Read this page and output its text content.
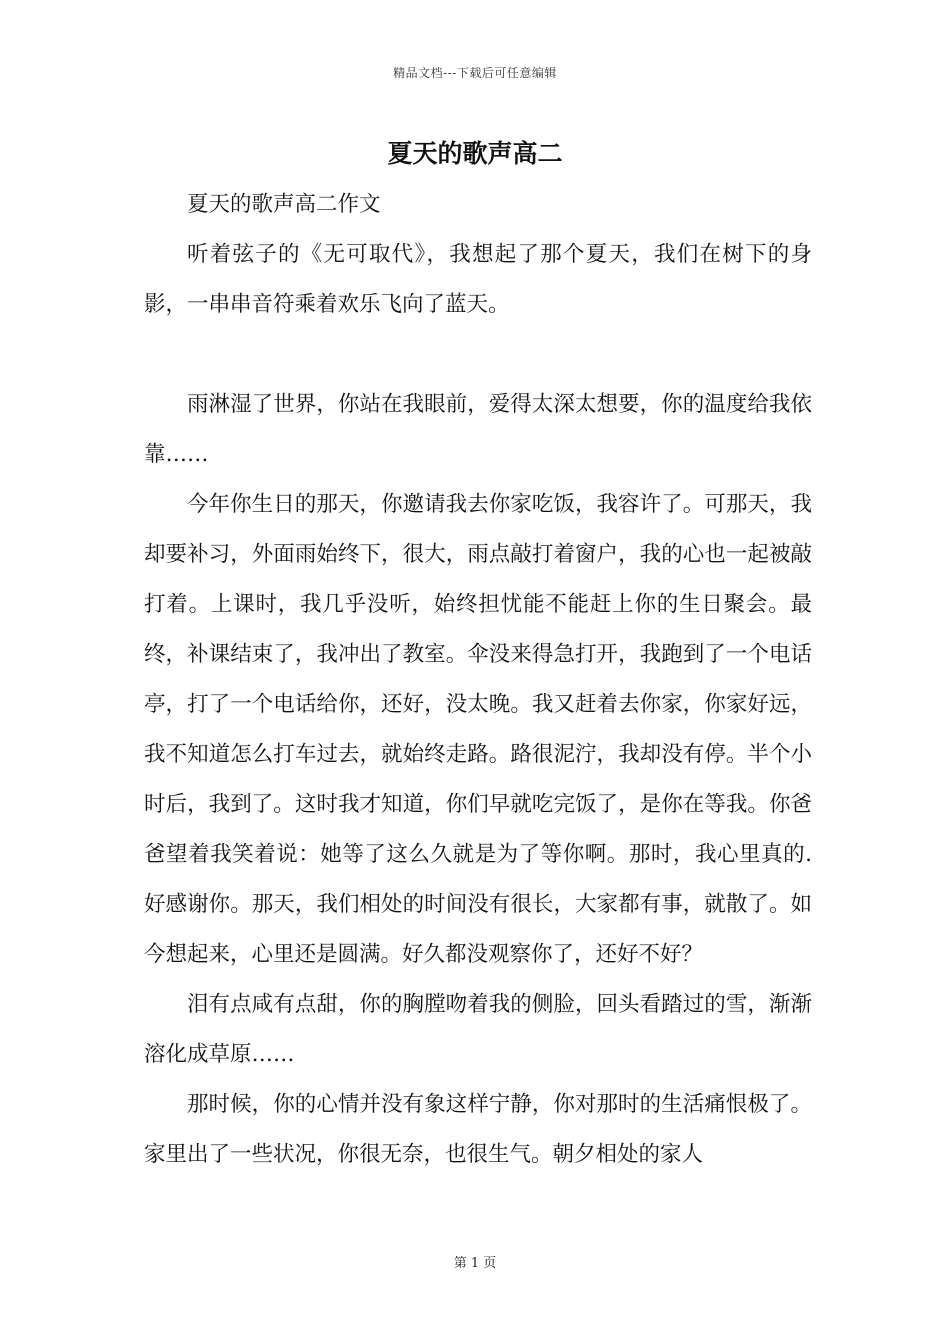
精品文档---下载后可任意编辑
夏天的歌声高二

夏天的歌声高二作文

听着弦子的《无可取代》，我想起了那个夏天，我们在树下的身影，一串串音符乘着欢乐飞向了蓝天。

雨淋湿了世界，你站在我眼前，爱得太深太想要，你的温度给我依靠……

今年你生日的那天，你邀请我去你家吃饭，我容许了。可那天，我却要补习，外面雨始终下，很大，雨点敲打着窗户，我的心也一起被敲打着。上课时，我几乎没听，始终担忧能不能赶上你的生日聚会。最终，补课结束了，我冲出了教室。伞没来得急打开，我跑到了一个电话亭，打了一个电话给你，还好，没太晚。我又赶着去你家，你家好远，我不知道怎么打车过去，就始终走路。路很泥泞，我却没有停。半个小时后，我到了。这时我才知道，你们早就吃完饭了，是你在等我。你爸爸望着我笑着说：她等了这么久就是为了等你啊。那时，我心里真的.好感谢你。那天，我们相处的时间没有很长，大家都有事，就散了。如今想起来，心里还是圆满。好久都没观察你了，还好不好？

泪有点咸有点甜，你的胸膛吻着我的侧脸，回头看踏过的雪，渐渐溶化成草原……

那时候，你的心情并没有象这样宁静，你对那时的生活痛恨极了。家里出了一些状况，你很无奈，也很生气。朝夕相处的家人

第 1 页
